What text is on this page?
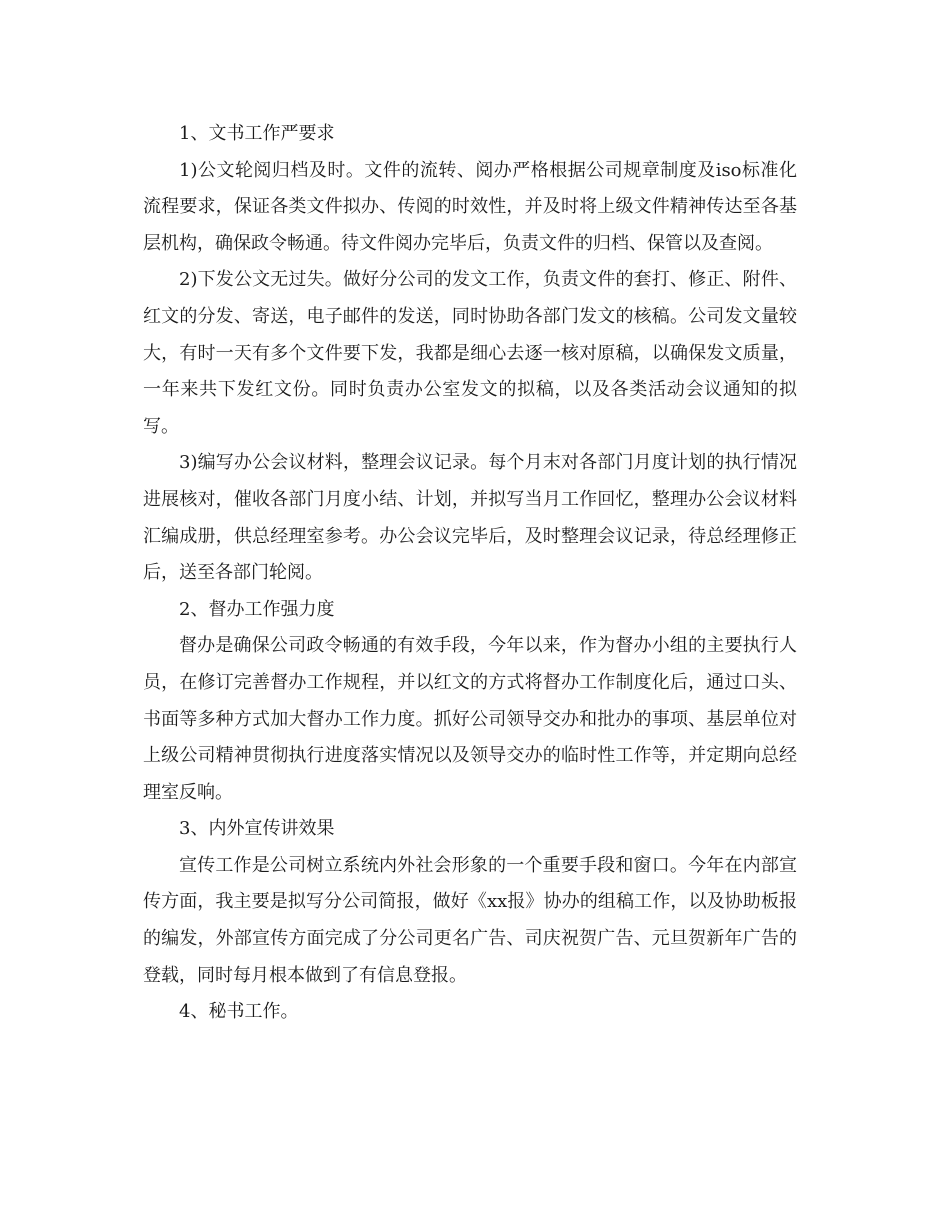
1、文书工作严要求

1)公文轮阅归档及时。文件的流转、阅办严格根据公司规章制度及iso标准化流程要求，保证各类文件拟办、传阅的时效性，并及时将上级文件精神传达至各基层机构，确保政令畅通。待文件阅办完毕后，负责文件的归档、保管以及查阅。

2)下发公文无过失。做好分公司的发文工作，负责文件的套打、修正、附件、红文的分发、寄送，电子邮件的发送，同时协助各部门发文的核稿。公司发文量较大，有时一天有多个文件要下发，我都是细心去逐一核对原稿，以确保发文质量，一年来共下发红文份。同时负责办公室发文的拟稿，以及各类活动会议通知的拟写。

3)编写办公会议材料，整理会议记录。每个月末对各部门月度计划的执行情况进展核对，催收各部门月度小结、计划，并拟写当月工作回忆，整理办公会议材料汇编成册，供总经理室参考。办公会议完毕后，及时整理会议记录，待总经理修正后，送至各部门轮阅。

2、督办工作强力度

督办是确保公司政令畅通的有效手段，今年以来，作为督办小组的主要执行人员，在修订完善督办工作规程，并以红文的方式将督办工作制度化后，通过口头、书面等多种方式加大督办工作力度。抓好公司领导交办和批办的事项、基层单位对上级公司精神贯彻执行进度落实情况以及领导交办的临时性工作等，并定期向总经理室反响。

3、内外宣传讲效果

宣传工作是公司树立系统内外社会形象的一个重要手段和窗口。今年在内部宣传方面，我主要是拟写分公司简报，做好《xx报》协办的组稿工作，以及协助板报的编发，外部宣传方面完成了分公司更名广告、司庆祝贺广告、元旦贺新年广告的登载，同时每月根本做到了有信息登报。

4、秘书工作。
